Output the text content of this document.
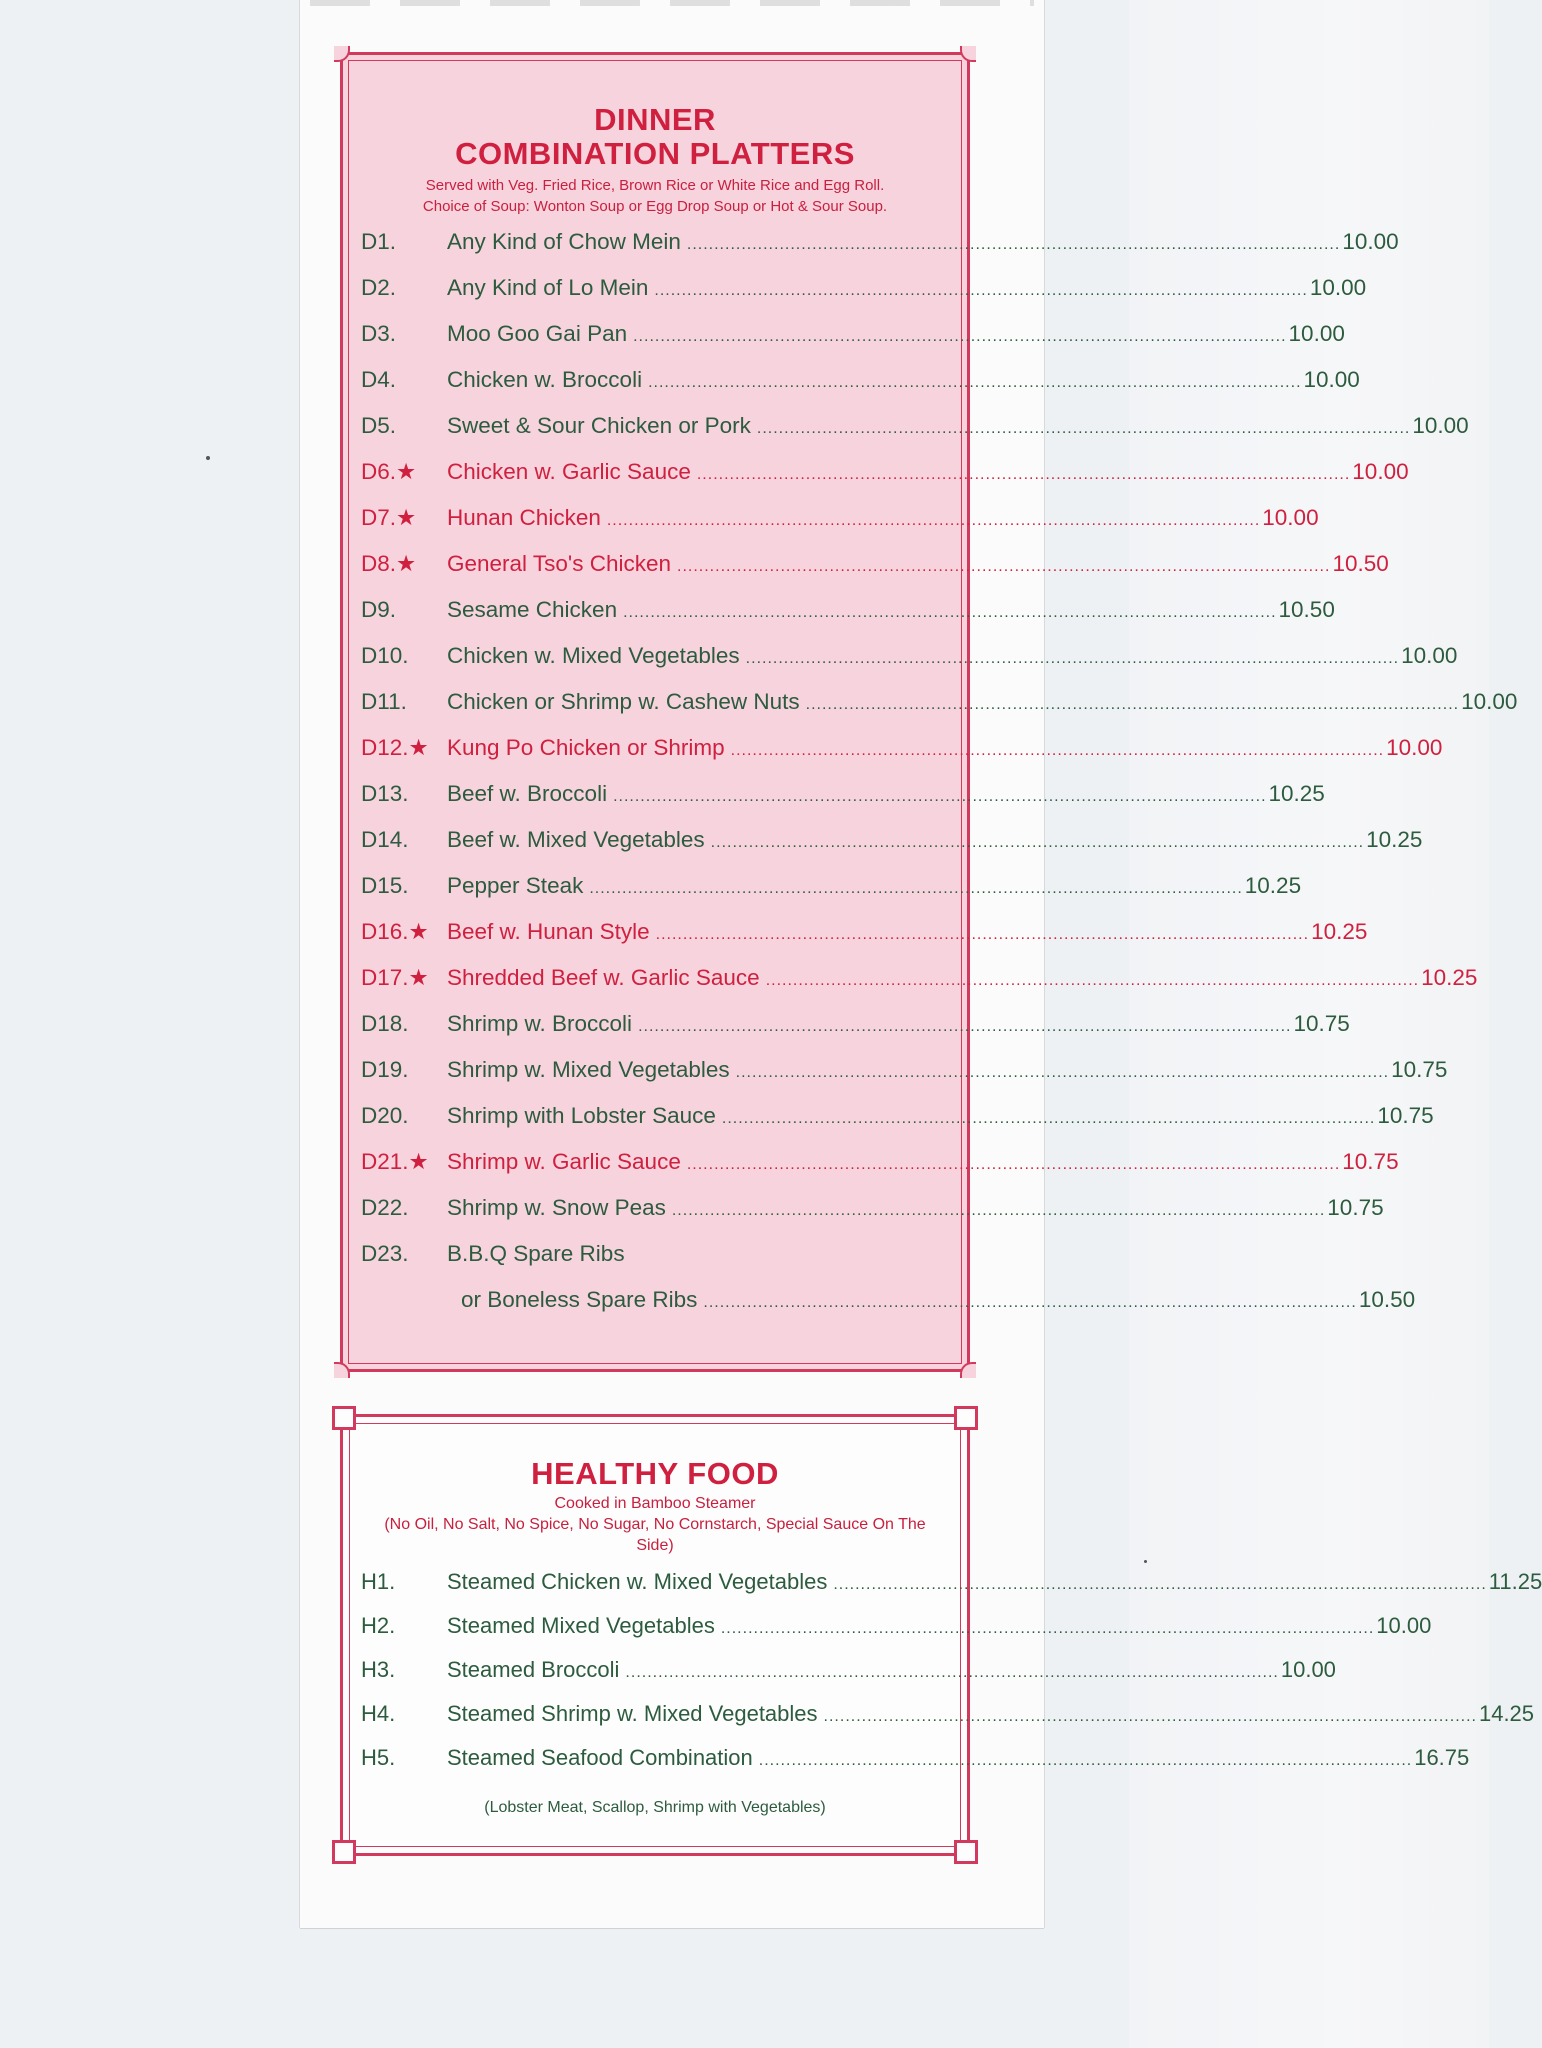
DINNER
COMBINATION PLATTERS
Served with Veg. Fried Rice, Brown Rice or White Rice and Egg Roll.
Choice of Soup: Wonton Soup or Egg Drop Soup or Hot & Sour Soup.
D1.	Any Kind of Chow Mein ........................................................................................................................ 10.00
D2.	Any Kind of Lo Mein ........................................................................................................................ 10.00
D3.	Moo Goo Gai Pan ........................................................................................................................ 10.00
D4.	Chicken w. Broccoli ........................................................................................................................ 10.00
D5.	Sweet & Sour Chicken or Pork ........................................................................................................................ 10.00
D6.★	Chicken w. Garlic Sauce ........................................................................................................................ 10.00
D7.★	Hunan Chicken ........................................................................................................................ 10.00
D8.★	General Tso's Chicken ........................................................................................................................ 10.50
D9.	Sesame Chicken ........................................................................................................................ 10.50
D10.	Chicken w. Mixed Vegetables ........................................................................................................................ 10.00
D11.	Chicken or Shrimp w. Cashew Nuts ........................................................................................................................ 10.00
D12.★ Kung Po Chicken or Shrimp ........................................................................................................................ 10.00
D13.	Beef w. Broccoli ........................................................................................................................ 10.25
D14.	Beef w. Mixed Vegetables ........................................................................................................................ 10.25
D15.	Pepper Steak ........................................................................................................................ 10.25
D16.★ Beef w. Hunan Style ........................................................................................................................ 10.25
D17.★ Shredded Beef w. Garlic Sauce ........................................................................................................................ 10.25
D18.	Shrimp w. Broccoli ........................................................................................................................ 10.75
D19.	Shrimp w. Mixed Vegetables ........................................................................................................................ 10.75
D20.	Shrimp with Lobster Sauce ........................................................................................................................ 10.75
D21.★ Shrimp w. Garlic Sauce ........................................................................................................................ 10.75
D22.	Shrimp w. Snow Peas ........................................................................................................................ 10.75
D23.	B.B.Q Spare Ribs
or Boneless Spare Ribs ........................................................................................................................ 10.50
HEALTHY FOOD
Cooked in Bamboo Steamer
(No Oil, No Salt, No Spice, No Sugar, No Cornstarch, Special Sauce On The Side)
H1.	Steamed Chicken w. Mixed Vegetables ........................................................................................................................ 11.25
H2.	Steamed Mixed Vegetables ........................................................................................................................ 10.00
H3.	Steamed Broccoli ........................................................................................................................ 10.00
H4.	Steamed Shrimp w. Mixed Vegetables ........................................................................................................................ 14.25
H5.	Steamed Seafood Combination ........................................................................................................................ 16.75
(Lobster Meat, Scallop, Shrimp with Vegetables)
